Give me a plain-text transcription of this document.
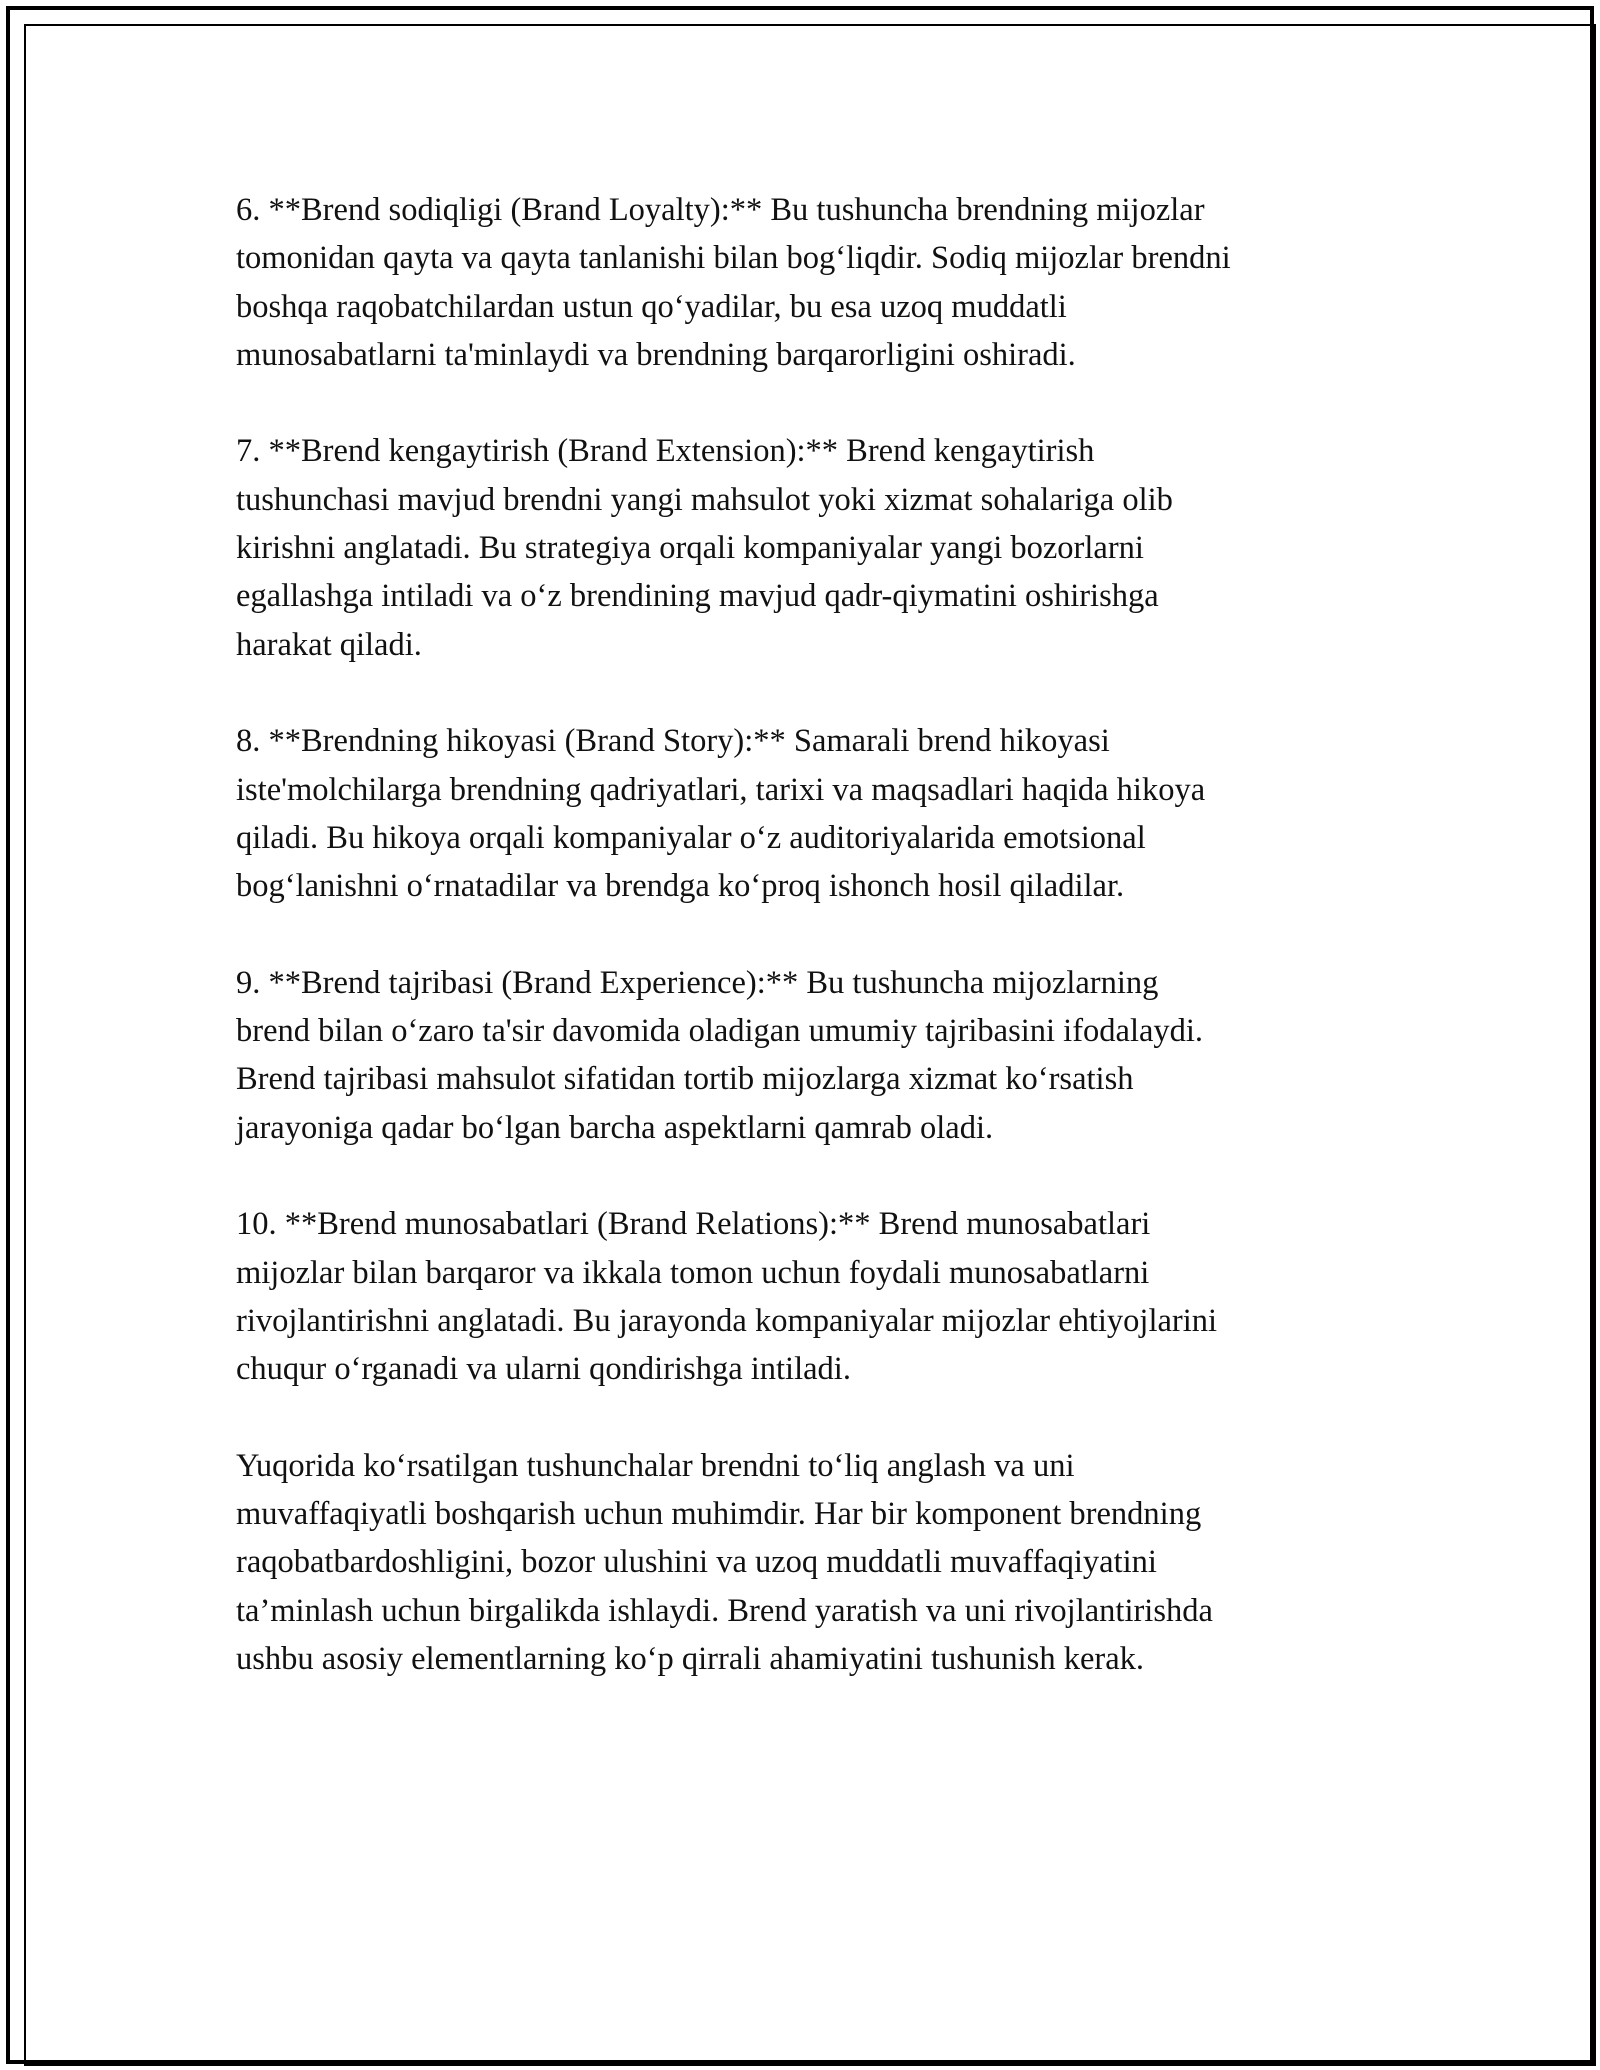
6. **Brend sodiqligi (Brand Loyalty):** Bu tushuncha brendning mijozlar
tomonidan qayta va qayta tanlanishi bilan bog‘liqdir. Sodiq mijozlar brendni
boshqa raqobatchilardan ustun qo‘yadilar, bu esa uzoq muddatli
munosabatlarni ta'minlaydi va brendning barqarorligini oshiradi.

7. **Brend kengaytirish (Brand Extension):** Brend kengaytirish
tushunchasi mavjud brendni yangi mahsulot yoki xizmat sohalariga olib
kirishni anglatadi. Bu strategiya orqali kompaniyalar yangi bozorlarni
egallashga intiladi va o‘z brendining mavjud qadr-qiymatini oshirishga
harakat qiladi.

8. **Brendning hikoyasi (Brand Story):** Samarali brend hikoyasi
iste'molchilarga brendning qadriyatlari, tarixi va maqsadlari haqida hikoya
qiladi. Bu hikoya orqali kompaniyalar o‘z auditoriyalarida emotsional
bog‘lanishni o‘rnatadilar va brendga ko‘proq ishonch hosil qiladilar.

9. **Brend tajribasi (Brand Experience):** Bu tushuncha mijozlarning
brend bilan o‘zaro ta'sir davomida oladigan umumiy tajribasini ifodalaydi.
Brend tajribasi mahsulot sifatidan tortib mijozlarga xizmat ko‘rsatish
jarayoniga qadar bo‘lgan barcha aspektlarni qamrab oladi.

10. **Brend munosabatlari (Brand Relations):** Brend munosabatlari
mijozlar bilan barqaror va ikkala tomon uchun foydali munosabatlarni
rivojlantirishni anglatadi. Bu jarayonda kompaniyalar mijozlar ehtiyojlarini
chuqur o‘rganadi va ularni qondirishga intiladi.

Yuqorida ko‘rsatilgan tushunchalar brendni to‘liq anglash va uni
muvaffaqiyatli boshqarish uchun muhimdir. Har bir komponent brendning
raqobatbardoshligini, bozor ulushini va uzoq muddatli muvaffaqiyatini
ta’minlash uchun birgalikda ishlaydi. Brend yaratish va uni rivojlantirishda
ushbu asosiy elementlarning ko‘p qirrali ahamiyatini tushunish kerak.
